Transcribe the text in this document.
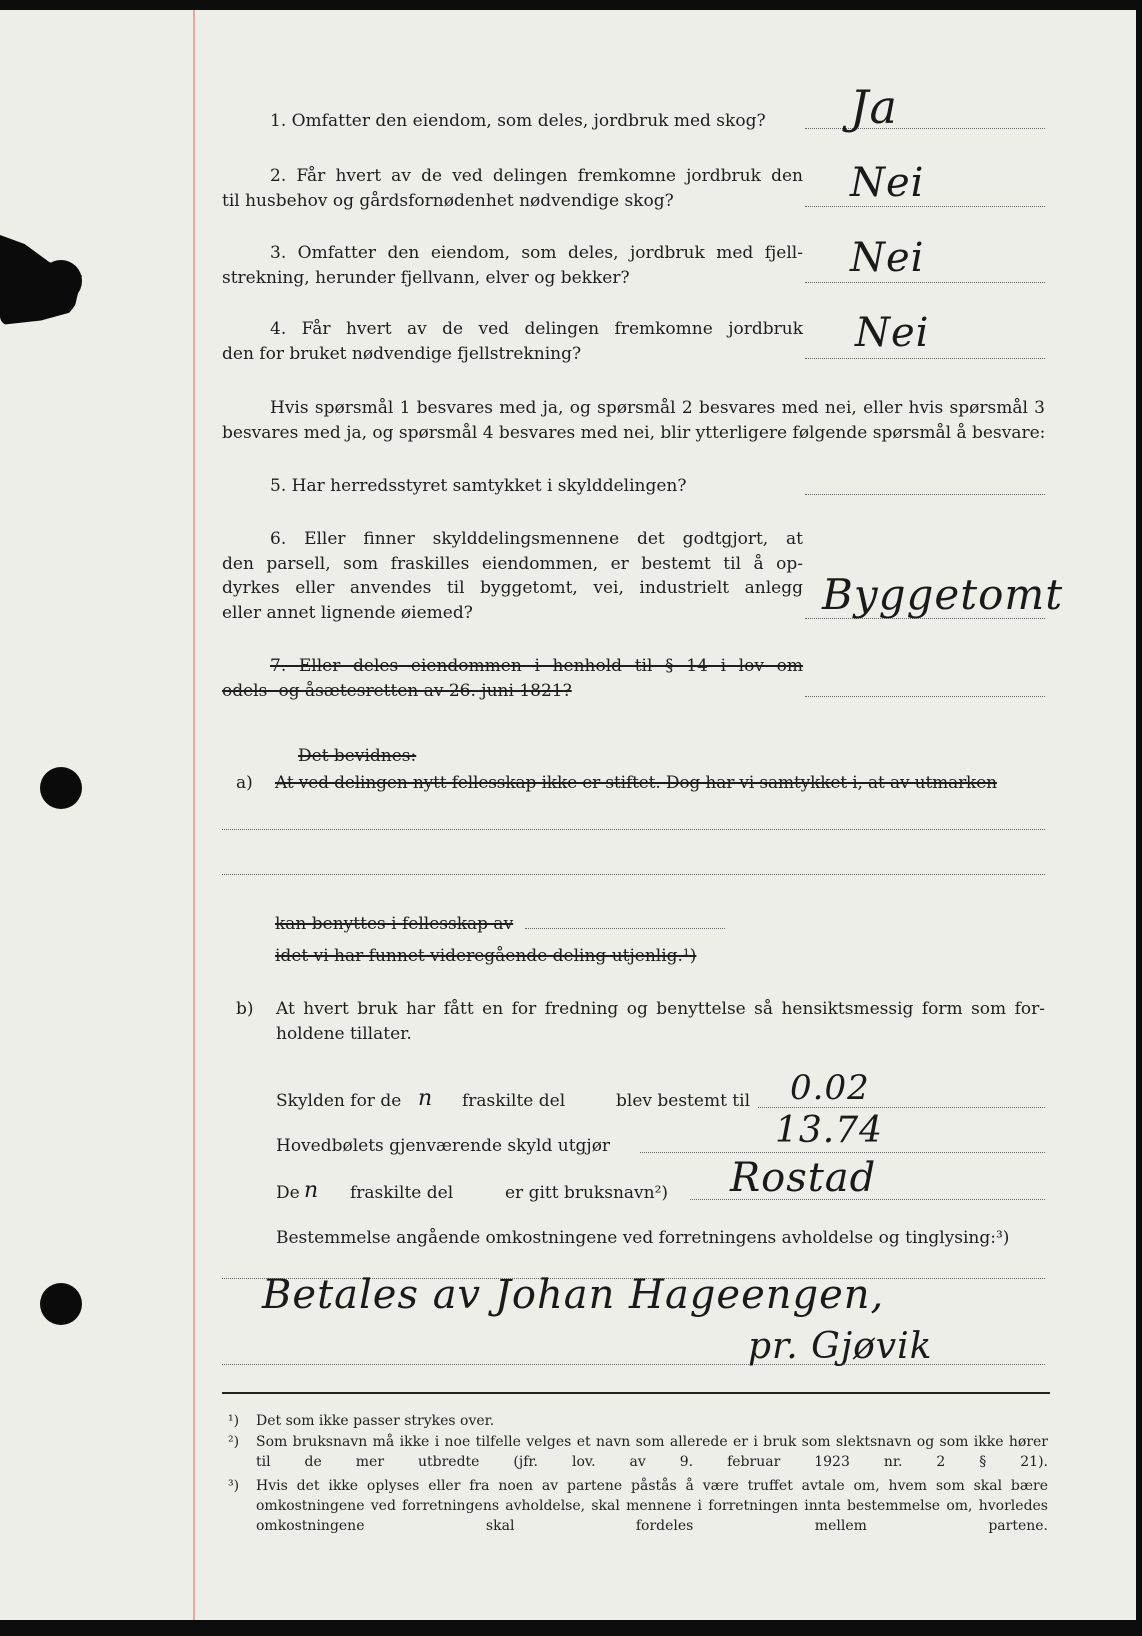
1. Omfatter den eiendom, som deles, jordbruk med skog? Ja
2. Får hvert av de ved delingen fremkomne jordbruk den
til husbehov og gårdsfornødenhet nødvendige skog?	Nei
3. Omfatter den eiendom, som deles, jordbruk med fjell-
strekning, herunder fjellvann, elver og bekker?	Nei
4. Får hvert av de ved delingen fremkomne jordbruk
den for bruket nødvendige fjellstrekning?	Nei
Hvis spørsmål 1 besvares med ja, og spørsmål 2 besvares med nei, eller hvis spørsmål 3
besvares med ja, og spørsmål 4 besvares med nei, blir ytterligere følgende spørsmål å besvare:
5. Har herredsstyret samtykket i skylddelingen?
6. Eller finner skylddelingsmennene det godtgjort, at
den parsell, som fraskilles eiendommen, er bestemt til å op-
dyrkes eller anvendes til byggetomt, vei, industrielt anlegg
eller annet lignende øiemed?	Byggetomt
7. Eller deles eiendommen i henhold til § 14 i lov om
odels- og åsætesretten av 26. juni 1821?
Det bevidnes:
a) At ved delingen nytt fellesskap ikke er stiftet. Dog har vi samtykket i, at av utmarken
kan benyttes i fellesskap av
idet vi har funnet videregående deling utjenlig.¹)
b) At hvert bruk har fått en for fredning og benyttelse så hensiktsmessig form som for-
holdene tillater.
Skylden for de n fraskilte del	blev bestemt til 0.02
Hovedbølets gjenværende skyld utgjør	13.74
De n fraskilte del	er gitt bruksnavn²) Rostad
Bestemmelse angående omkostningene ved forretningens avholdelse og tinglysing:³)
Betales av Johan Hageengen,
pr. Gjøvik
¹) Det som ikke passer strykes over.
²) Som bruksnavn må ikke i noe tilfelle velges et navn som allerede er i bruk som slektsnavn og som ikke hører til de mer utbredte (jfr. lov. av 9. februar 1923 nr. 2 § 21).
³) Hvis det ikke oplyses eller fra noen av partene påstås å være truffet avtale om, hvem som skal bære omkostningene ved forretningens avholdelse, skal mennene i forretningen innta bestemmelse om, hvorledes omkostningene skal fordeles mellem partene.
